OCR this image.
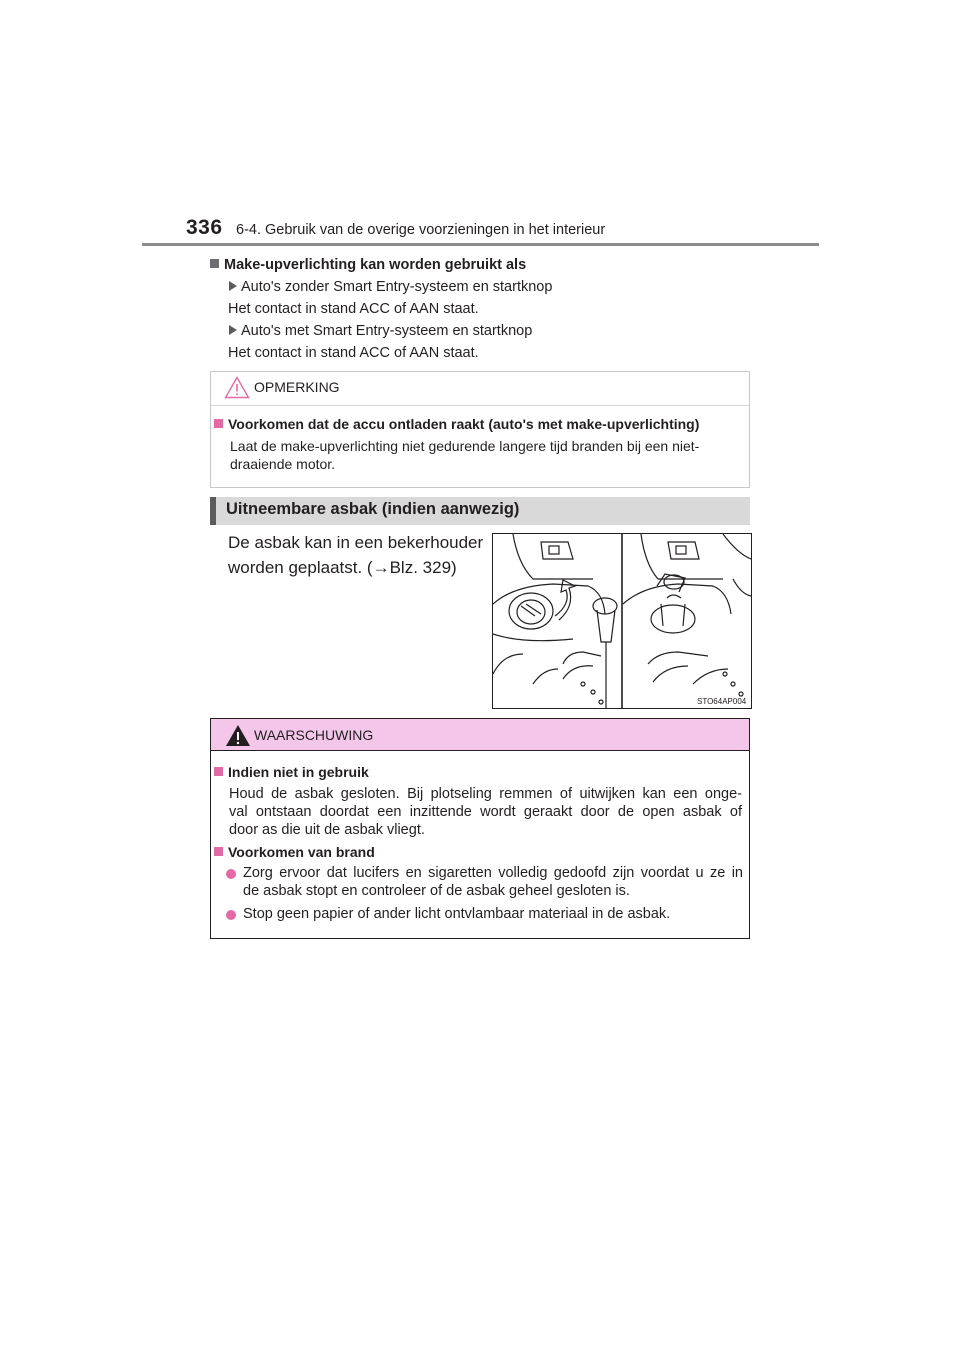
336 6-4. Gebruik van de overige voorzieningen in het interieur
Make-upverlichting kan worden gebruikt als
Auto's zonder Smart Entry-systeem en startknop
Het contact in stand ACC of AAN staat.
Auto's met Smart Entry-systeem en startknop
Het contact in stand ACC of AAN staat.
OPMERKING
Voorkomen dat de accu ontladen raakt (auto's met make-upverlichting)
Laat de make-upverlichting niet gedurende langere tijd branden bij een niet-
draaiende motor.
Uitneembare asbak (indien aanwezig)
De asbak kan in een bekerhouder
worden geplaatst. (→Blz. 329)
STO64AP004
WAARSCHUWING
Indien niet in gebruik
Houd de asbak gesloten. Bij plotseling remmen of uitwijken kan een onge-
val ontstaan doordat een inzittende wordt geraakt door de open asbak of
door as die uit de asbak vliegt.
Voorkomen van brand
Zorg ervoor dat lucifers en sigaretten volledig gedoofd zijn voordat u ze in
de asbak stopt en controleer of de asbak geheel gesloten is.
Stop geen papier of ander licht ontvlambaar materiaal in de asbak.
